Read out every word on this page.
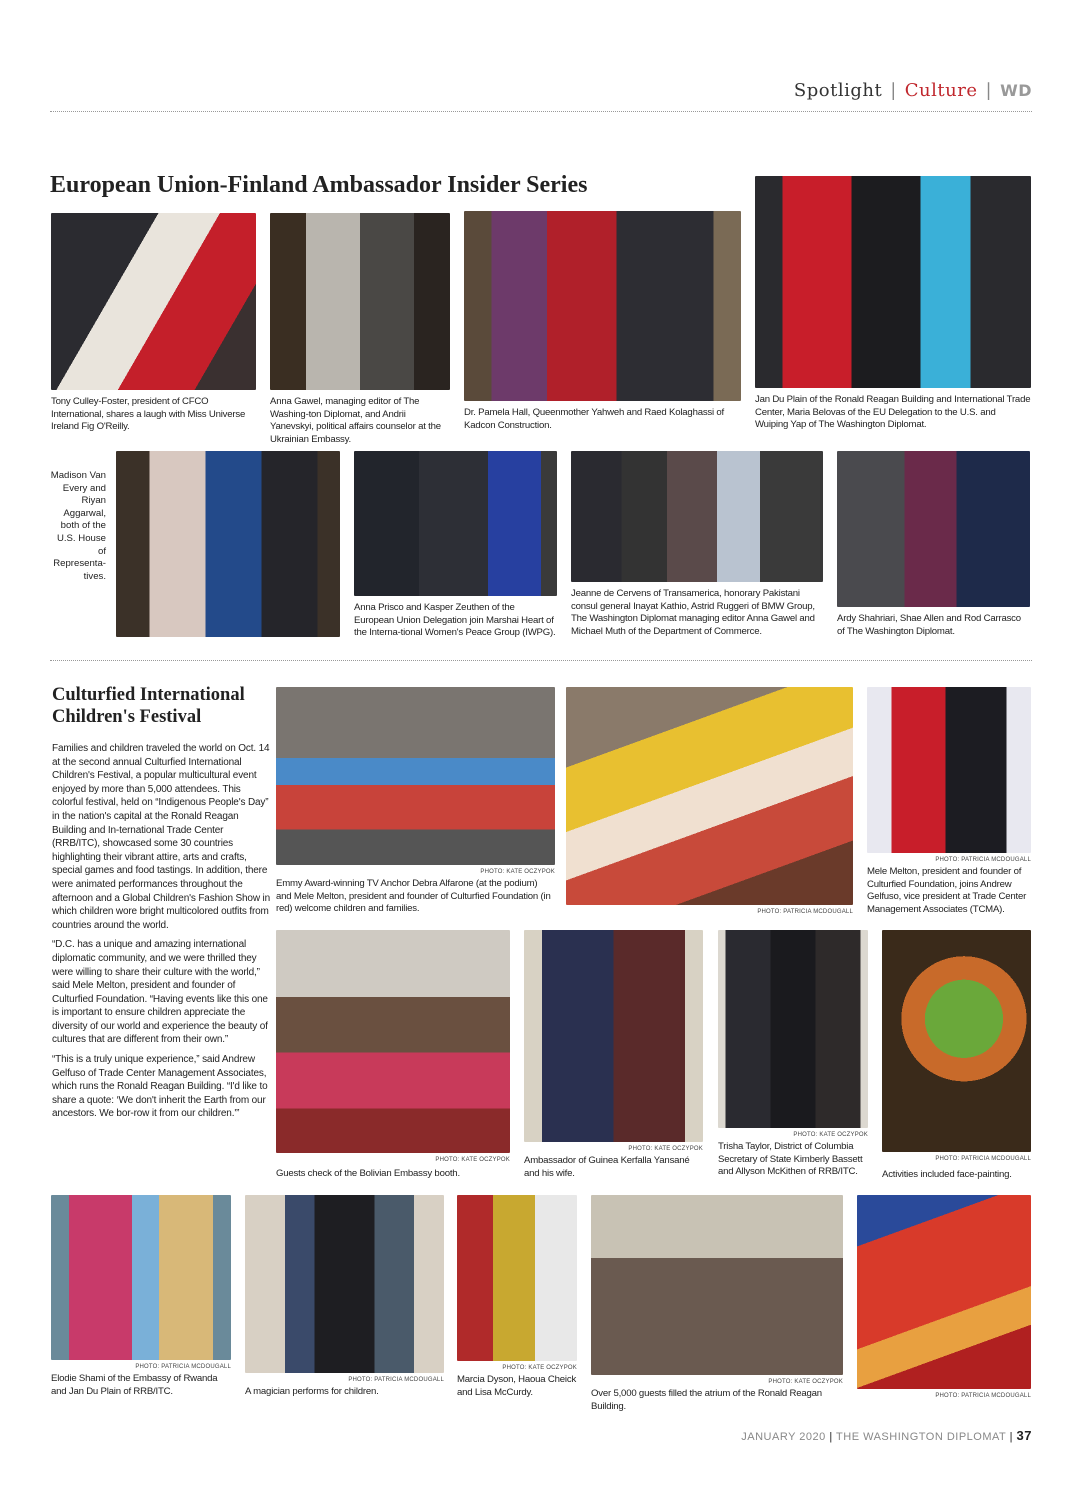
Spotlight | Culture | WD
European Union-Finland Ambassador Insider Series
Tony Culley-Foster, president of CFCO International, shares a laugh with Miss Universe Ireland Fig O'Reilly.
Anna Gawel, managing editor of The Washing-ton Diplomat, and Andrii Yanevskyi, political affairs counselor at the Ukrainian Embassy.
Dr. Pamela Hall, Queenmother Yahweh and Raed Kolaghassi of Kadcon Construction.
Jan Du Plain of the Ronald Reagan Building and International Trade Center, Maria Belovas of the EU Delegation to the U.S. and Wuiping Yap of The Washington Diplomat.
Madison Van Every and Riyan Aggarwal, both of the U.S. House of Representa-tives.
Anna Prisco and Kasper Zeuthen of the European Union Delegation join Marshai Heart of the Interna-tional Women's Peace Group (IWPG).
Jeanne de Cervens of Transamerica, honorary Pakistani consul general Inayat Kathio, Astrid Ruggeri of BMW Group, The Washington Diplomat managing editor Anna Gawel and Michael Muth of the Department of Commerce.
Ardy Shahriari, Shae Allen and Rod Carrasco of The Washington Diplomat.
Culturfied International Children's Festival

Families and children traveled the world on Oct. 14 at the second annual Culturfied International Children's Festival, a popular multicultural event enjoyed by more than 5,000 attendees. This colorful festival, held on “Indigenous People's Day” in the nation's capital at the Ronald Reagan Building and In-ternational Trade Center (RRB/ITC), showcased some 30 countries highlighting their vibrant attire, arts and crafts, special games and food tastings. In addition, there were animated performances throughout the afternoon and a Global Children's Fashion Show in which children wore bright multicolored outfits from countries around the world.

“D.C. has a unique and amazing international diplomatic community, and we were thrilled they were willing to share their culture with the world,” said Mele Melton, president and founder of Culturfied Foundation. “Having events like this one is important to ensure children appreciate the diversity of our world and experience the beauty of cultures that are different from their own.”

“This is a truly unique experience,” said Andrew Gelfuso of Trade Center Management Associates, which runs the Ronald Reagan Building. “I'd like to share a quote: ‘We don't inherit the Earth from our ancestors. We bor-row it from our children.'”

PHOTO: KATE OCZYPOK
Emmy Award-winning TV Anchor Debra Alfarone (at the podium) and Mele Melton, president and founder of Culturfied Foundation (in red) welcome children and families.	PHOTO: PATRICIA MCDOUGALL
PHOTO: PATRICIA MCDOUGALL
Mele Melton, president and founder of Culturfied Foundation, joins Andrew Gelfuso, vice president at Trade Center Management Associates (TCMA).
PHOTO: KATE OCZYPOK
Guests check of the Bolivian Embassy booth.
PHOTO: KATE OCZYPOK
Ambassador of Guinea Kerfalla Yansané and his wife.
PHOTO: KATE OCZYPOK
Trisha Taylor, District of Columbia Secretary of State Kimberly Bassett and Allyson McKithen of RRB/ITC.
PHOTO: PATRICIA MCDOUGALL
Activities included face-painting.
PHOTO: PATRICIA MCDOUGALL
Elodie Shami of the Embassy of Rwanda and Jan Du Plain of RRB/ITC.
PHOTO: PATRICIA MCDOUGALL
A magician performs for children.
PHOTO: KATE OCZYPOK
Marcia Dyson, Haoua Cheick and Lisa McCurdy.
PHOTO: KATE OCZYPOK
Over 5,000 guests filled the atrium of the Ronald Reagan Building.
PHOTO: PATRICIA MCDOUGALL
JANUARY 2020 | THE WASHINGTON DIPLOMAT | 37
